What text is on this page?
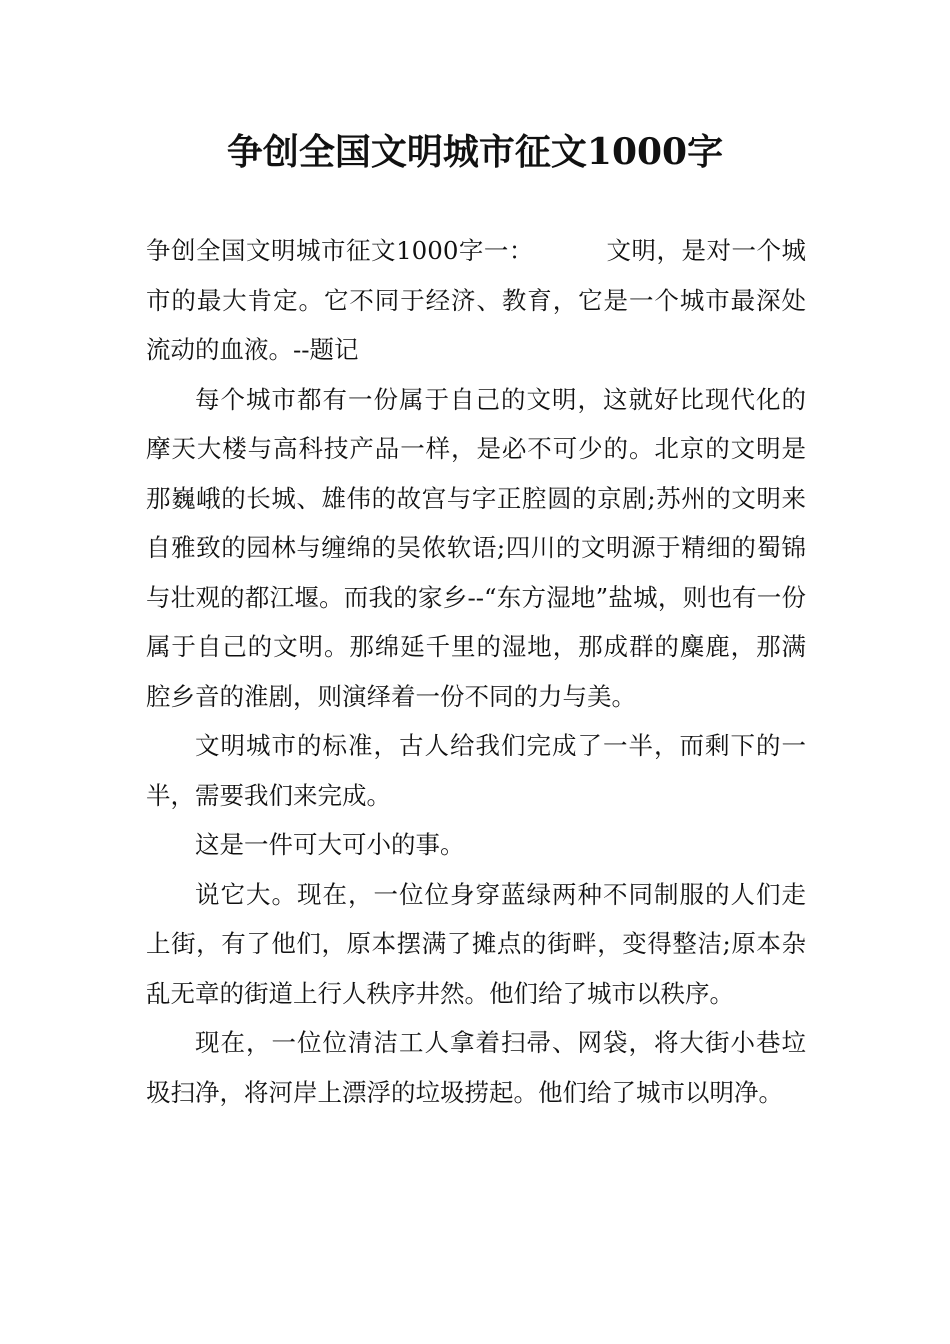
争创全国文明城市征文1000字

争创全国文明城市征文1000字一：	文明，是对一个城市的最大肯定。它不同于经济、教育，它是一个城市最深处流动的血液。--题记

每个城市都有一份属于自己的文明，这就好比现代化的摩天大楼与高科技产品一样，是必不可少的。北京的文明是那巍峨的长城、雄伟的故宫与字正腔圆的京剧;苏州的文明来自雅致的园林与缠绵的吴侬软语;四川的文明源于精细的蜀锦与壮观的都江堰。而我的家乡--“东方湿地”盐城，则也有一份属于自己的文明。那绵延千里的湿地，那成群的麋鹿，那满腔乡音的淮剧，则演绎着一份不同的力与美。

文明城市的标准，古人给我们完成了一半，而剩下的一半，需要我们来完成。

这是一件可大可小的事。

说它大。现在，一位位身穿蓝绿两种不同制服的人们走上街，有了他们，原本摆满了摊点的街畔，变得整洁;原本杂乱无章的街道上行人秩序井然。他们给了城市以秩序。

现在，一位位清洁工人拿着扫帚、网袋，将大街小巷垃圾扫净，将河岸上漂浮的垃圾捞起。他们给了城市以明净。
